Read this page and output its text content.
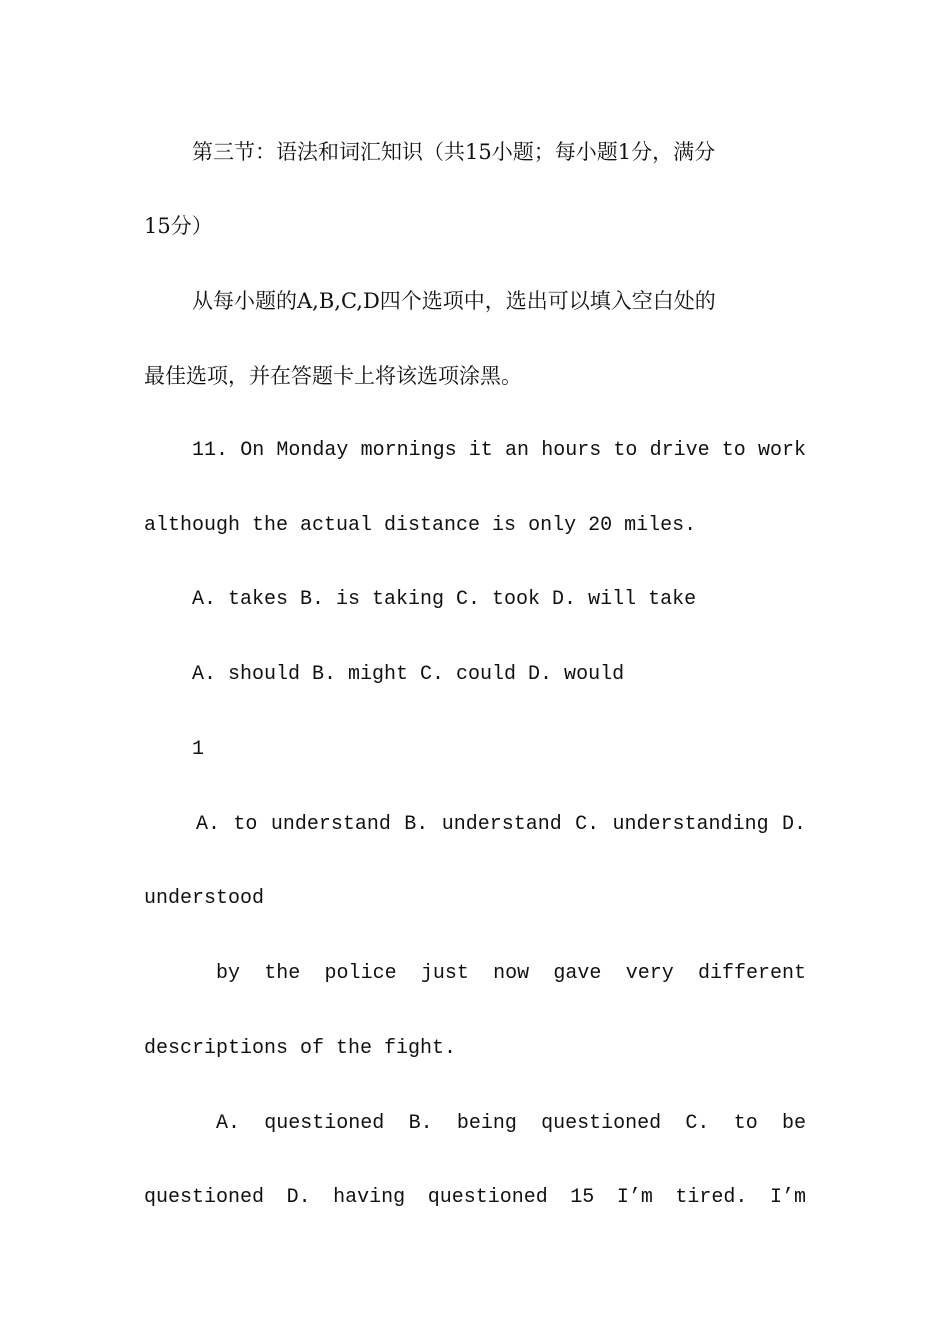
第三节：语法和词汇知识（共15小题；每小题1分，满分
15分）
从每小题的A,B,C,D四个选项中，选出可以填入空白处的
最佳选项，并在答题卡上将该选项涂黑。
11. On Monday mornings it an hours to drive to work
although the actual distance is only 20 miles.
A. takes B. is taking C. took D. will take
A. should B. might C. could D. would
1
A. to understand B. understand C. understanding D.
understood
by the police just now gave very different
descriptions of the fight.
A. questioned B. being questioned C. to be
questioned D. having questioned 15 I’m tired. I’m
